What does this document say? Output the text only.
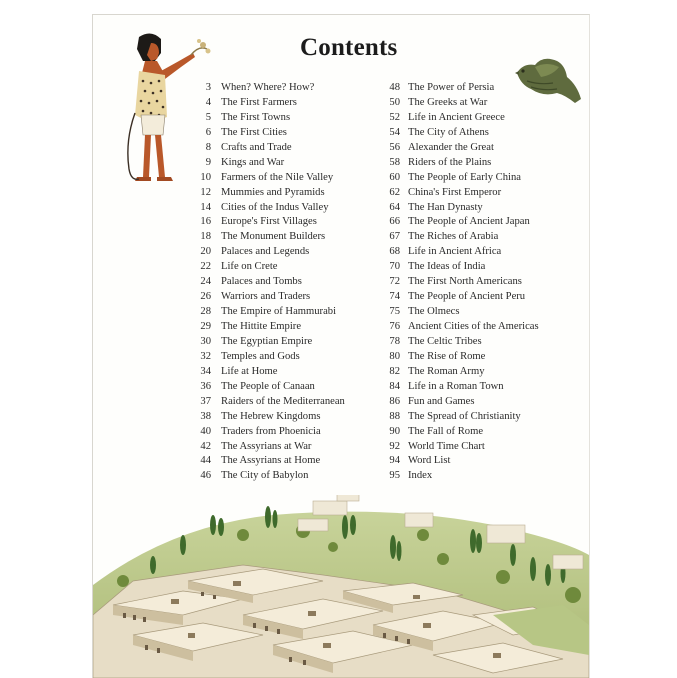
Contents
3 When? Where? How?
4 The First Farmers
5 The First Towns
6 The First Cities
8 Crafts and Trade
9 Kings and War
10 Farmers of the Nile Valley
12 Mummies and Pyramids
14 Cities of the Indus Valley
16 Europe's First Villages
18 The Monument Builders
20 Palaces and Legends
22 Life on Crete
24 Palaces and Tombs
26 Warriors and Traders
28 The Empire of Hammurabi
29 The Hittite Empire
30 The Egyptian Empire
32 Temples and Gods
34 Life at Home
36 The People of Canaan
37 Raiders of the Mediterranean
38 The Hebrew Kingdoms
40 Traders from Phoenicia
42 The Assyrians at War
44 The Assyrians at Home
46 The City of Babylon
48 The Power of Persia
50 The Greeks at War
52 Life in Ancient Greece
54 The City of Athens
56 Alexander the Great
58 Riders of the Plains
60 The People of Early China
62 China's First Emperor
64 The Han Dynasty
66 The People of Ancient Japan
67 The Riches of Arabia
68 Life in Ancient Africa
70 The Ideas of India
72 The First North Americans
74 The People of Ancient Peru
75 The Olmecs
76 Ancient Cities of the Americas
78 The Celtic Tribes
80 The Rise of Rome
82 The Roman Army
84 Life in a Roman Town
86 Fun and Games
88 The Spread of Christianity
90 The Fall of Rome
92 World Time Chart
94 Word List
95 Index
